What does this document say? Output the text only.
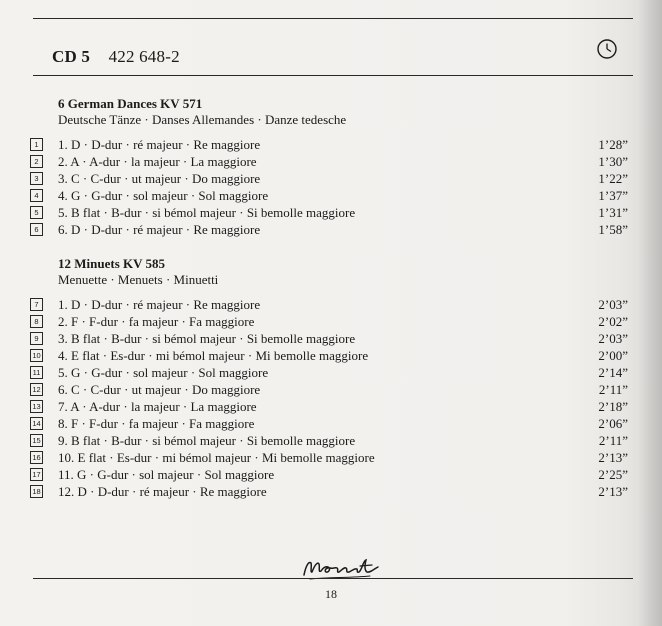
CD 5 422 648-2
6 German Dances KV 571
Deutsche Tänze · Danses Allemandes · Danze tedesche
1	1. D · D-dur · ré majeur · Re maggiore	1’28”
2	2. A · A-dur · la majeur · La maggiore	1’30”
3	3. C · C-dur · ut majeur · Do maggiore	1’22”
4	4. G · G-dur · sol majeur · Sol maggiore	1’37”
5	5. B flat · B-dur · si bémol majeur · Si bemolle maggiore	1’31”
6	6. D · D-dur · ré majeur · Re maggiore	1’58”
12 Minuets KV 585
Menuette · Menuets · Minuetti
7	1. D · D-dur · ré majeur · Re maggiore	2’03”
8	2. F · F-dur · fa majeur · Fa maggiore	2’02”
9	3. B flat · B-dur · si bémol majeur · Si bemolle maggiore	2’03”
10 4. E flat · Es-dur · mi bémol majeur · Mi bemolle maggiore	2’00”
11 5. G · G-dur · sol majeur · Sol maggiore	2’14”
12 6. C · C-dur · ut majeur · Do maggiore	2’11”
13 7. A · A-dur · la majeur · La maggiore	2’18”
14 8. F · F-dur · fa majeur · Fa maggiore	2’06”
15 9. B flat · B-dur · si bémol majeur · Si bemolle maggiore	2’11”
16 10. E flat · Es-dur · mi bémol majeur · Mi bemolle maggiore	2’13”
17 11. G · G-dur · sol majeur · Sol maggiore	2’25”
18 12. D · D-dur · ré majeur · Re maggiore	2’13”
18
